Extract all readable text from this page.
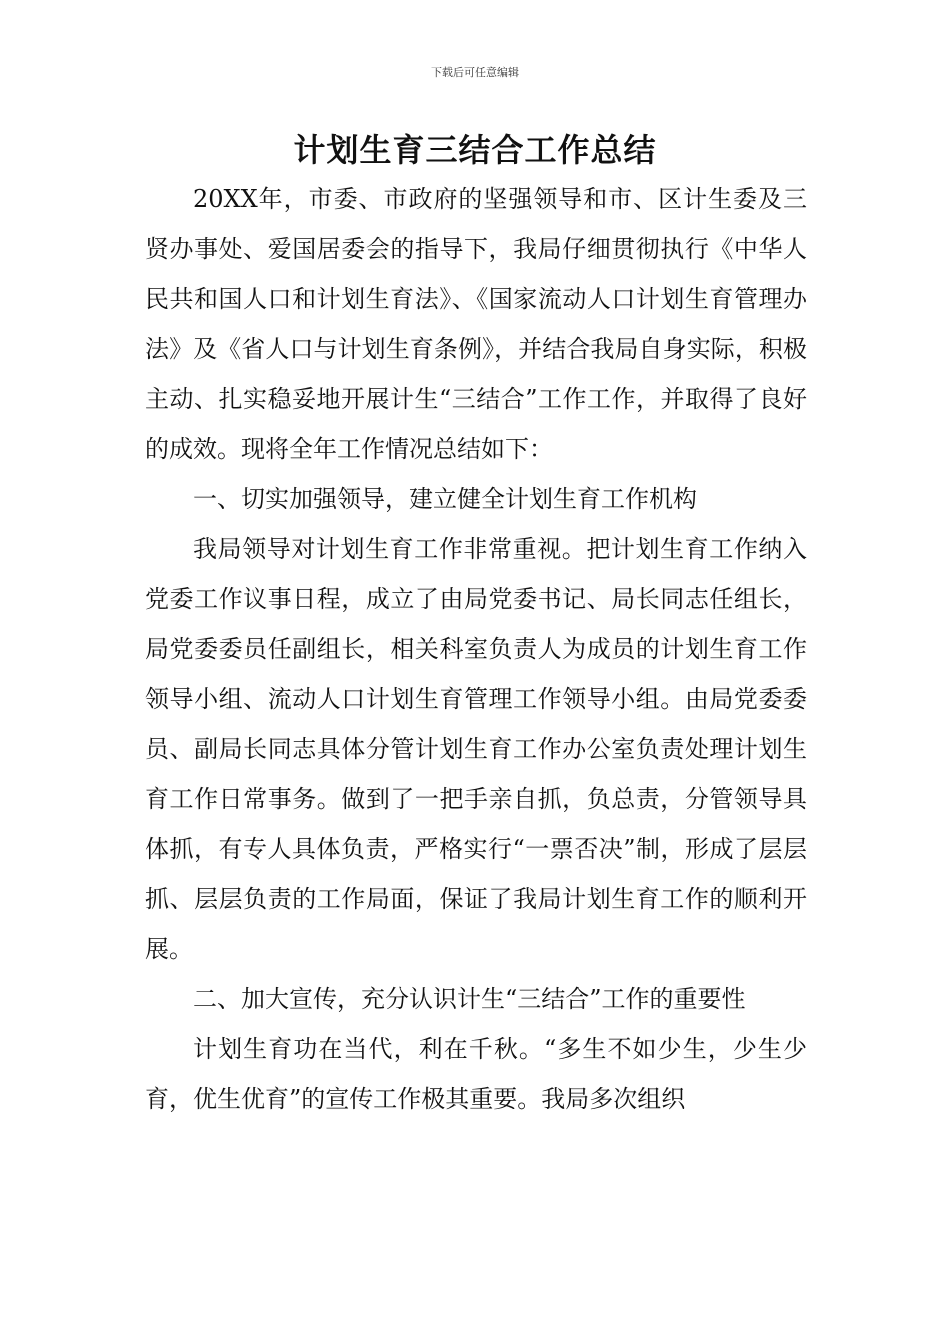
下载后可任意编辑
计划生育三结合工作总结

20XX年，市委、市政府的坚强领导和市、区计生委及三贤办事处、爱国居委会的指导下，我局仔细贯彻执行《中华人民共和国人口和计划生育法》、《国家流动人口计划生育管理办法》及《省人口与计划生育条例》，并结合我局自身实际，积极主动、扎实稳妥地开展计生“三结合”工作工作，并取得了良好的成效。现将全年工作情况总结如下：

一、切实加强领导，建立健全计划生育工作机构

我局领导对计划生育工作非常重视。把计划生育工作纳入党委工作议事日程，成立了由局党委书记、局长同志任组长，局党委委员任副组长，相关科室负责人为成员的计划生育工作领导小组、流动人口计划生育管理工作领导小组。由局党委委员、副局长同志具体分管计划生育工作办公室负责处理计划生育工作日常事务。做到了一把手亲自抓，负总责，分管领导具体抓，有专人具体负责，严格实行“一票否决”制，形成了层层抓、层层负责的工作局面，保证了我局计划生育工作的顺利开展。

二、加大宣传，充分认识计生“三结合”工作的重要性

计划生育功在当代，利在千秋。“多生不如少生，少生少育，优生优育”的宣传工作极其重要。我局多次组织
